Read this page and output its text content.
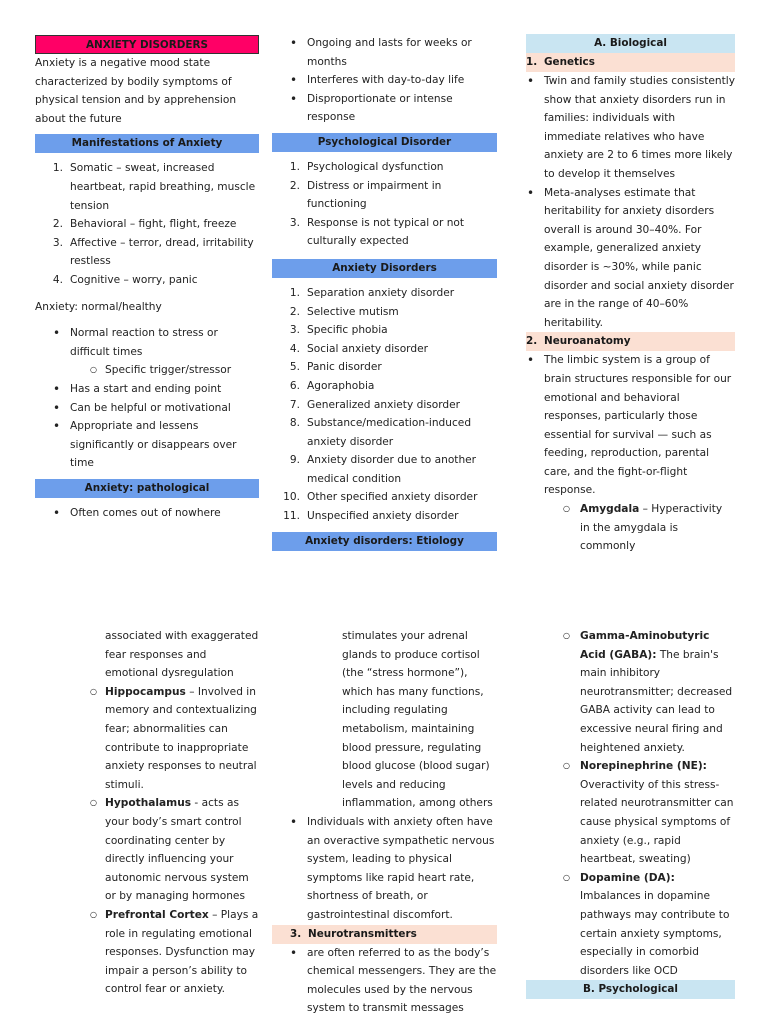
ANXIETY DISORDERS

Anxiety is a negative mood state characterized by bodily symptoms of physical tension and by apprehension about the future

Manifestations of Anxiety
1. Somatic – sweat, increased heartbeat, rapid breathing, muscle tension
2. Behavioral – fight, flight, freeze
3. Affective – terror, dread, irritability restless
4. Cognitive – worry, panic

Anxiety: normal/healthy

• Normal reaction to stress or difficult times
○ Specific trigger/stressor
• Has a start and ending point
• Can be helpful or motivational
• Appropriate and lessens significantly or disappears over time
Anxiety: pathological
• Often comes out of nowhere
• Ongoing and lasts for weeks or months
• Interferes with day-to-day life
• Disproportionate or intense response
Psychological Disorder
1. Psychological dysfunction
2. Distress or impairment in functioning
3. Response is not typical or not culturally expected
Anxiety Disorders
1. Separation anxiety disorder
2. Selective mutism
3. Specific phobia
4. Social anxiety disorder
5. Panic disorder
6. Agoraphobia
7. Generalized anxiety disorder
8. Substance/medication-induced anxiety disorder
9. Anxiety disorder due to another medical condition
10. Other specified anxiety disorder
11. Unspecified anxiety disorder
Anxiety disorders: Etiology
A. Biological
1. Genetics
• Twin and family studies consistently show that anxiety disorders run in families: individuals with immediate relatives who have anxiety are 2 to 6 times more likely to develop it themselves
• Meta-analyses estimate that heritability for anxiety disorders overall is around 30–40%. For example, generalized anxiety disorder is ~30%, while panic disorder and social anxiety disorder are in the range of 40–60% heritability.
2. Neuroanatomy
• The limbic system is a group of brain structures responsible for our emotional and behavioral responses, particularly those essential for survival — such as feeding, reproduction, parental care, and the fight-or-flight response.
○ Amygdala – Hyperactivity in the amygdala is commonly

associated with exaggerated fear responses and emotional dysregulation

○ Hippocampus – Involved in memory and contextualizing fear; abnormalities can contribute to inappropriate anxiety responses to neutral stimuli.
○ Hypothalamus - acts as your body’s smart control coordinating center by directly influencing your autonomic nervous system or by managing hormones
○ Prefrontal Cortex – Plays a role in regulating emotional responses. Dysfunction may impair a person’s ability to control fear or anxiety.

stimulates your adrenal glands to produce cortisol (the “stress hormone”), which has many functions, including regulating metabolism, maintaining blood pressure, regulating blood glucose (blood sugar) levels and reducing inflammation, among others

• Individuals with anxiety often have an overactive sympathetic nervous system, leading to physical symptoms like rapid heart rate, shortness of breath, or gastrointestinal discomfort.
3. Neurotransmitters
• are often referred to as the body’s chemical messengers. They are the molecules used by the nervous system to transmit messages
○ Gamma-Aminobutyric Acid (GABA): The brain's main inhibitory neurotransmitter; decreased GABA activity can lead to excessive neural firing and heightened anxiety.
○ Norepinephrine (NE): Overactivity of this stress-related neurotransmitter can cause physical symptoms of anxiety (e.g., rapid heartbeat, sweating)
○ Dopamine (DA): Imbalances in dopamine pathways may contribute to certain anxiety symptoms, especially in comorbid disorders like OCD
B. Psychological
